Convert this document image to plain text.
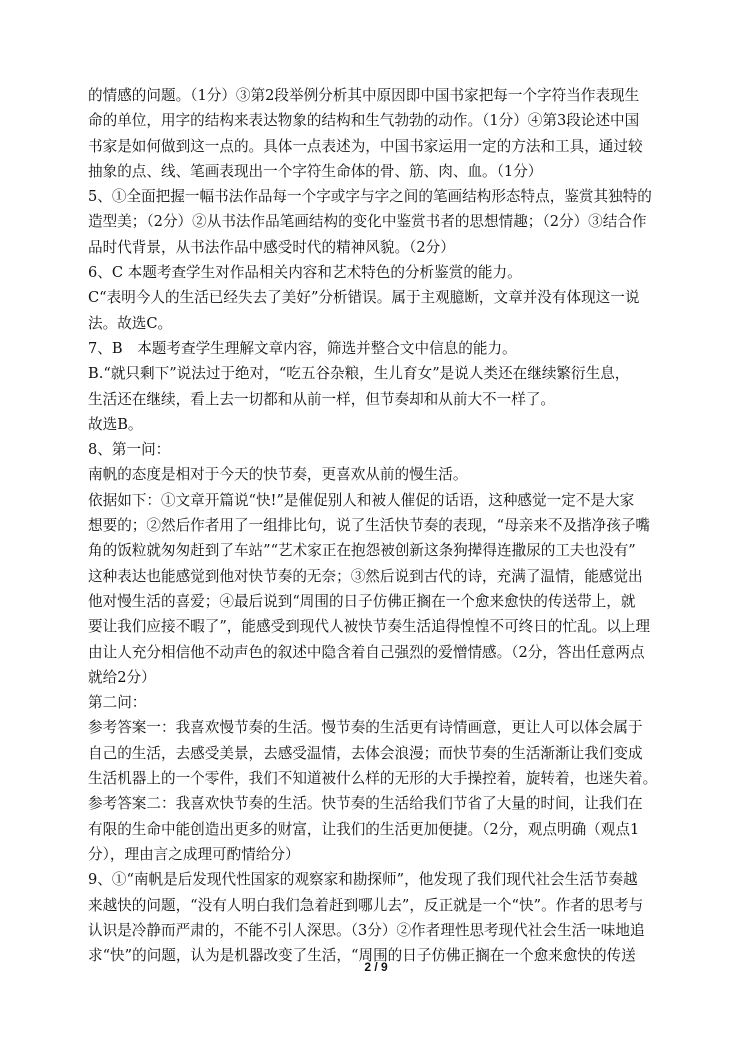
的情感的问题。（1分）③第2段举例分析其中原因即中国书家把每一个字符当作表现生
命的单位，用字的结构来表达物象的结构和生气勃勃的动作。（1分）④第3段论述中国
书家是如何做到这一点的。具体一点表述为，中国书家运用一定的方法和工具，通过较
抽象的点、线、笔画表现出一个字符生命体的骨、筋、肉、血。（1分）
5、①全面把握一幅书法作品每一个字或字与字之间的笔画结构形态特点，鉴赏其独特的
造型美；（2分）②从书法作品笔画结构的变化中鉴赏书者的思想情趣；（2分）③结合作
品时代背景，从书法作品中感受时代的精神风貌。（2分）
6、C 本题考查学生对作品相关内容和艺术特色的分析鉴赏的能力。
C“表明今人的生活已经失去了美好”分析错误。属于主观臆断，文章并没有体现这一说
法。故选C。
7、B　本题考查学生理解文章内容，筛选并整合文中信息的能力。
B.“就只剩下”说法过于绝对，“吃五谷杂粮，生儿育女”是说人类还在继续繁衍生息，
生活还在继续，看上去一切都和从前一样，但节奏却和从前大不一样了。
故选B。
8、第一问：
南帆的态度是相对于今天的快节奏，更喜欢从前的慢生活。
依据如下：①文章开篇说“快!”是催促别人和被人催促的话语，这种感觉一定不是大家
想要的；②然后作者用了一组排比句，说了生活快节奏的表现，“母亲来不及揩净孩子嘴
角的饭粒就匆匆赶到了车站”“艺术家正在抱怨被创新这条狗撵得连撒尿的工夫也没有”
这种表达也能感觉到他对快节奏的无奈；③然后说到古代的诗，充满了温情，能感觉出
他对慢生活的喜爱；④最后说到“周围的日子仿佛正搁在一个愈来愈快的传送带上，就
要让我们应接不暇了”，能感受到现代人被快节奏生活追得惶惶不可终日的忙乱。以上理
由让人充分相信他不动声色的叙述中隐含着自己强烈的爱憎情感。（2分，答出任意两点
就给2分）
第二问：
参考答案一：我喜欢慢节奏的生活。慢节奏的生活更有诗情画意，更让人可以体会属于
自己的生活，去感受美景，去感受温情，去体会浪漫；而快节奏的生活渐渐让我们变成
生活机器上的一个零件，我们不知道被什么样的无形的大手操控着，旋转着，也迷失着。
参考答案二：我喜欢快节奏的生活。快节奏的生活给我们节省了大量的时间，让我们在
有限的生命中能创造出更多的财富，让我们的生活更加便捷。（2分，观点明确（观点1
分），理由言之成理可酌情给分）
9、①“南帆是后发现代性国家的观察家和勘探师”，他发现了我们现代社会生活节奏越
来越快的问题，“没有人明白我们急着赶到哪儿去”，反正就是一个“快”。作者的思考与
认识是冷静而严肃的，不能不引人深思。（3分）②作者理性思考现代社会生活一味地追
求“快”的问题，认为是机器改变了生活，“周围的日子仿佛正搁在一个愈来愈快的传送
2 / 9
